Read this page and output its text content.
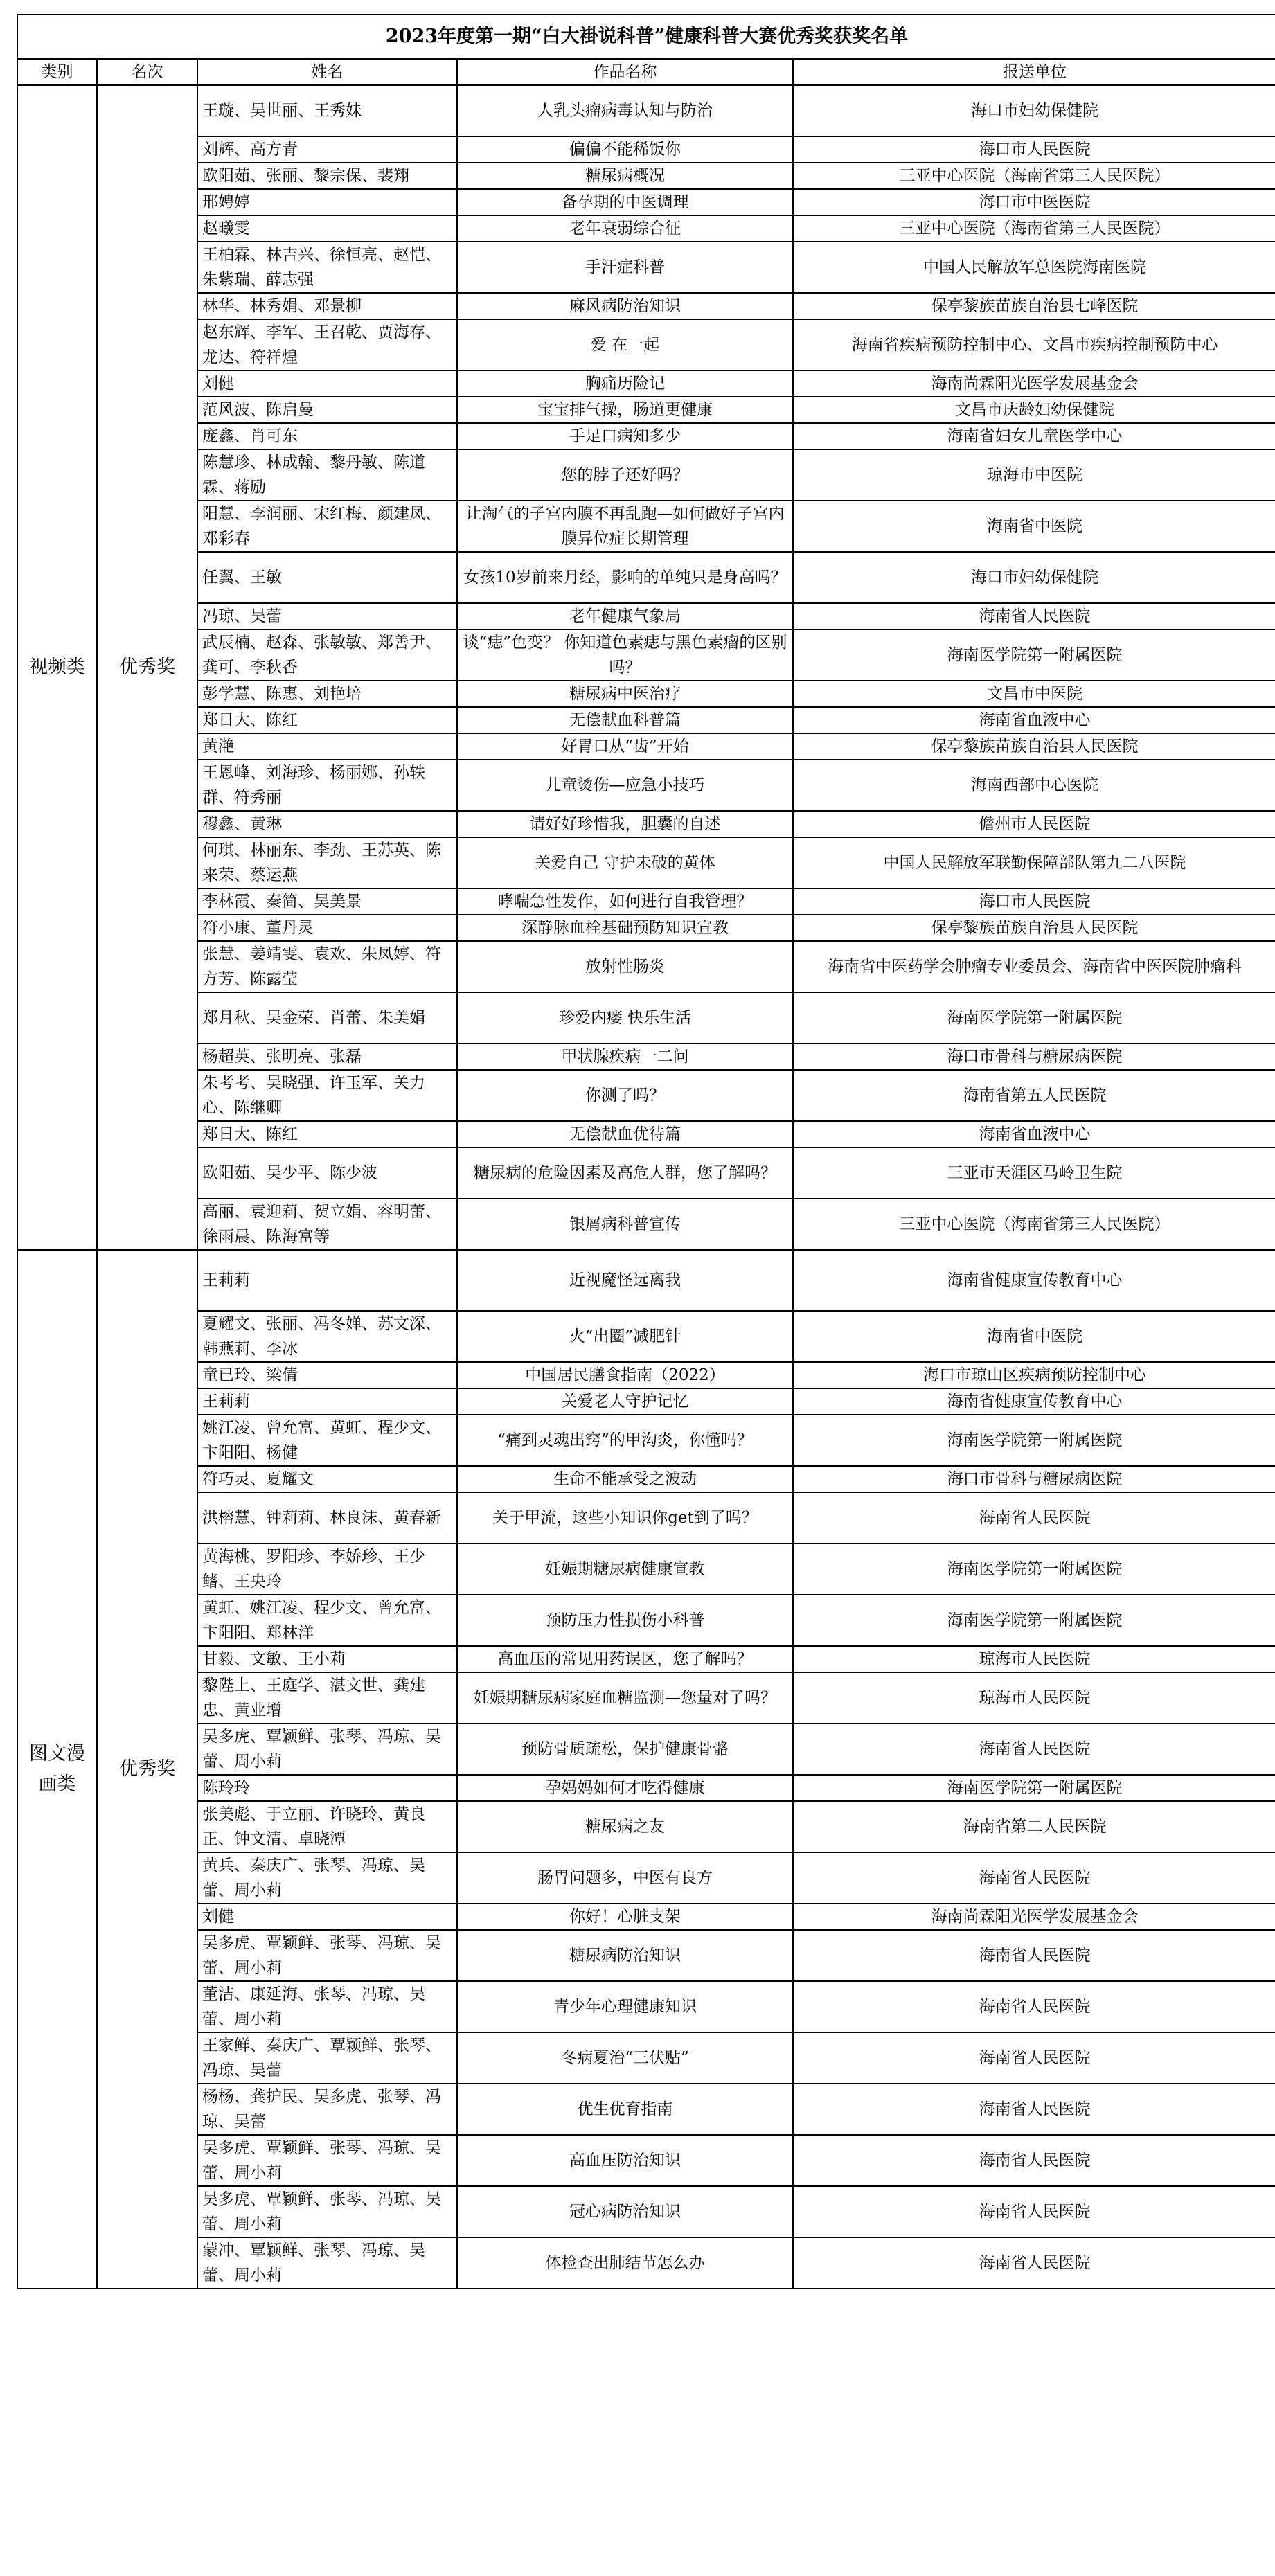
2023年度第一期“白大褂说科普”健康科普大赛优秀奖获奖名单				
类别	名次	姓名	作品名称	报送单位
视频类	优秀奖	王璇、吴世丽、王秀妹	人乳头瘤病毒认知与防治	海口市妇幼保健院
		刘辉、高方青	偏偏不能稀饭你	海口市人民医院
		欧阳茹、张丽、黎宗保、裴翔	糖尿病概况	三亚中心医院（海南省第三人民医院）
		邢娉婷	备孕期的中医调理	海口市中医医院
		赵曦雯	老年衰弱综合征	三亚中心医院（海南省第三人民医院）
		王柏霖、林吉兴、徐恒亮、赵恺、朱紫瑞、薛志强	手汗症科普	中国人民解放军总医院海南医院
		林华、林秀娟、邓景柳	麻风病防治知识	保亭黎族苗族自治县七峰医院
		赵东辉、李军、王召乾、贾海存、龙达、符祥煌	爱 在一起	海南省疾病预防控制中心、文昌市疾病控制预防中心
		刘健	胸痛历险记	海南尚霖阳光医学发展基金会
		范风波、陈启曼	宝宝排气操，肠道更健康	文昌市庆龄妇幼保健院
		庞鑫、肖可东	手足口病知多少	海南省妇女儿童医学中心
		陈慧珍、林成翰、黎丹敏、陈道霖、蒋励	您的脖子还好吗？	琼海市中医院
		阳慧、李润丽、宋红梅、颜建凤、邓彩春	让淘气的子宫内膜不再乱跑—如何做好子宫内膜异位症长期管理	海南省中医院
		任翼、王敏	女孩10岁前来月经，影响的单纯只是身高吗？	海口市妇幼保健院
		冯琼、吴蕾	老年健康气象局	海南省人民医院
		武辰楠、赵森、张敏敏、郑善尹、龚可、李秋香	谈“痣”色变？ 你知道色素痣与黑色素瘤的区别吗？	海南医学院第一附属医院
		彭学慧、陈惠、刘艳培	糖尿病中医治疗	文昌市中医院
		郑日大、陈红	无偿献血科普篇	海南省血液中心
		黄滟	好胃口从“齿”开始	保亭黎族苗族自治县人民医院
		王恩峰、刘海珍、杨丽娜、孙轶群、符秀丽	儿童烫伤—应急小技巧	海南西部中心医院
		穆鑫、黄琳	请好好珍惜我，胆囊的自述	儋州市人民医院
		何琪、林丽东、李劲、王苏英、陈来荣、蔡运燕	关爱自己 守护未破的黄体	中国人民解放军联勤保障部队第九二八医院
		李林霞、秦简、吴美景	哮喘急性发作，如何进行自我管理？	海口市人民医院
		符小康、董丹灵	深静脉血栓基础预防知识宣教	保亭黎族苗族自治县人民医院
		张慧、姜靖雯、袁欢、朱凤婷、符方芳、陈露莹	放射性肠炎	海南省中医药学会肿瘤专业委员会、海南省中医医院肿瘤科
		郑月秋、吴金荣、肖蕾、朱美娟	珍爱内瘘 快乐生活	海南医学院第一附属医院
		杨超英、张明亮、张磊	甲状腺疾病一二问	海口市骨科与糖尿病医院
		朱考考、吴晓强、许玉军、关力心、陈继卿	你测了吗？	海南省第五人民医院
		郑日大、陈红	无偿献血优待篇	海南省血液中心
		欧阳茹、吴少平、陈少波	糖尿病的危险因素及高危人群，您了解吗？	三亚市天涯区马岭卫生院
		高丽、袁迎莉、贺立娟、容明蕾、徐雨晨、陈海富等	银屑病科普宣传	三亚中心医院（海南省第三人民医院）
图文漫画类	优秀奖	王莉莉	近视魔怪远离我	海南省健康宣传教育中心
		夏耀文、张丽、冯冬婵、苏文深、韩燕莉、李冰	火“出圈”减肥针	海南省中医院
		童已玲、梁倩	中国居民膳食指南（2022）	海口市琼山区疾病预防控制中心
		王莉莉	关爱老人守护记忆	海南省健康宣传教育中心
		姚江凌、曾允富、黄虹、程少文、卞阳阳、杨健	“痛到灵魂出窍”的甲沟炎，你懂吗？	海南医学院第一附属医院
		符巧灵、夏耀文	生命不能承受之波动	海口市骨科与糖尿病医院
		洪榕慧、钟莉莉、林良沫、黄春新	关于甲流，这些小知识你get到了吗？	海南省人民医院
		黄海桃、罗阳珍、李娇珍、王少鳍、王央玲	妊娠期糖尿病健康宣教	海南医学院第一附属医院
		黄虹、姚江凌、程少文、曾允富、卞阳阳、郑林洋	预防压力性损伤小科普	海南医学院第一附属医院
		甘毅、文敏、王小莉	高血压的常见用药误区，您了解吗？	琼海市人民医院
		黎陛上、王庭学、湛文世、龚建忠、黄业增	妊娠期糖尿病家庭血糖监测—您量对了吗？	琼海市人民医院
		吴多虎、覃颖鲜、张琴、冯琼、吴蕾、周小莉	预防骨质疏松，保护健康骨骼	海南省人民医院
		陈玲玲	孕妈妈如何才吃得健康	海南医学院第一附属医院
		张美彪、于立丽、许晓玲、黄良正、钟文清、卓晓潭	糖尿病之友	海南省第二人民医院
		黄兵、秦庆广、张琴、冯琼、吴蕾、周小莉	肠胃问题多，中医有良方	海南省人民医院
		刘健	你好！心脏支架	海南尚霖阳光医学发展基金会
		吴多虎、覃颖鲜、张琴、冯琼、吴蕾、周小莉	糖尿病防治知识	海南省人民医院
		董洁、康延海、张琴、冯琼、吴蕾、周小莉	青少年心理健康知识	海南省人民医院
		王家鲜、秦庆广、覃颖鲜、张琴、冯琼、吴蕾	冬病夏治“三伏贴”	海南省人民医院
		杨杨、龚护民、吴多虎、张琴、冯琼、吴蕾	优生优育指南	海南省人民医院
		吴多虎、覃颖鲜、张琴、冯琼、吴蕾、周小莉	高血压防治知识	海南省人民医院
		吴多虎、覃颖鲜、张琴、冯琼、吴蕾、周小莉	冠心病防治知识	海南省人民医院
		蒙冲、覃颖鲜、张琴、冯琼、吴蕾、周小莉	体检查出肺结节怎么办	海南省人民医院
